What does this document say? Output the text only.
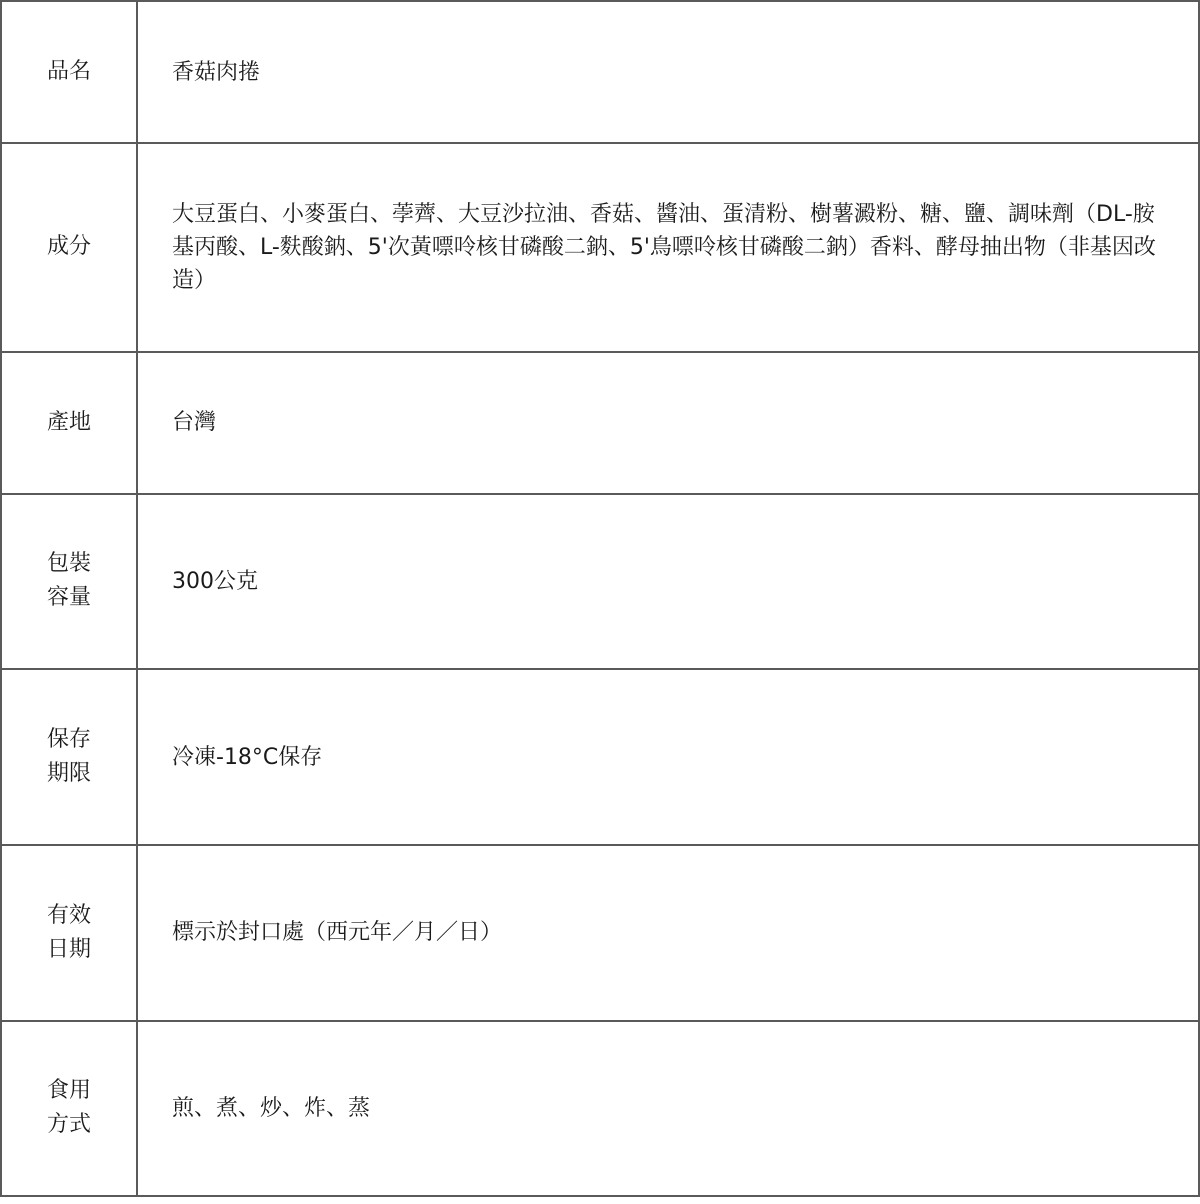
品名	香菇肉捲
成分	大豆蛋白、小麥蛋白、荸薺、大豆沙拉油、香菇、醬油、蛋清粉、樹薯澱粉、糖、鹽、調味劑（DL-胺基丙酸、L-麩酸鈉、5'次黃嘌呤核甘磷酸二鈉、5'鳥嘌呤核甘磷酸二鈉）香料、酵母抽出物（非基因改造）
產地	台灣
包裝容量	300公克
保存期限	冷凍-18°C保存
有效日期	標示於封口處（西元年／月／日）
食用方式	煎、煮、炒、炸、蒸
